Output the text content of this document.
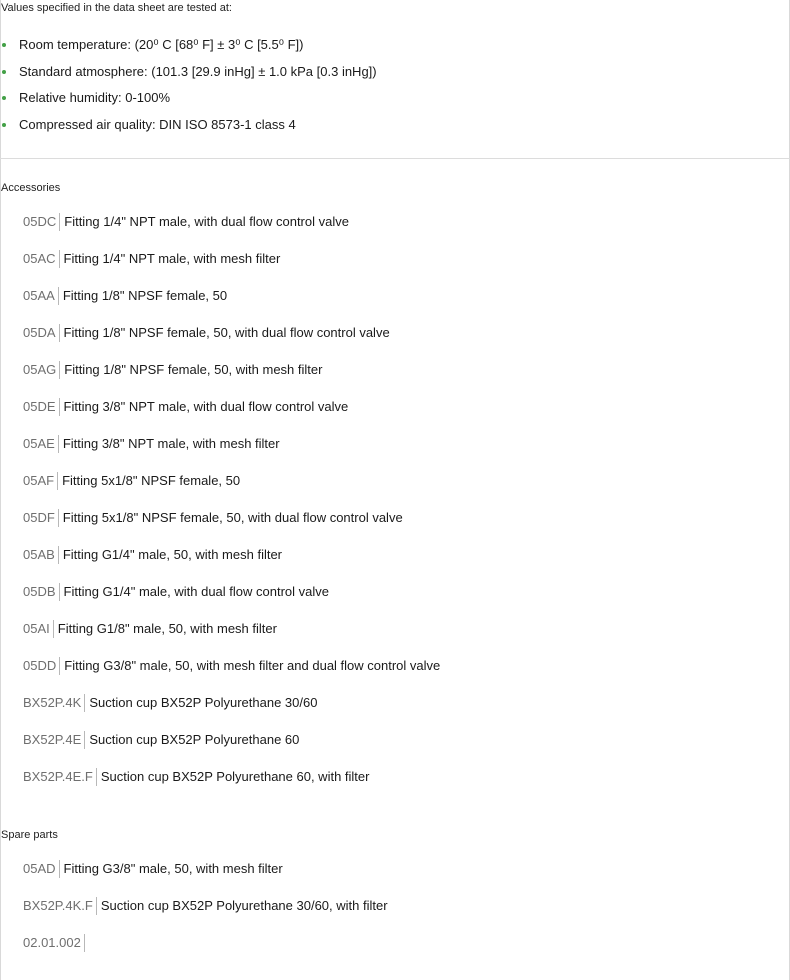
Values specified in the data sheet are tested at:
Room temperature: (20⁰ C [68⁰ F] ± 3⁰ C [5.5⁰ F])
Standard atmosphere: (101.3 [29.9 inHg] ± 1.0 kPa [0.3 inHg])
Relative humidity: 0-100%
Compressed air quality: DIN ISO 8573-1 class 4
Accessories
05DC Fitting 1/4" NPT male, with dual flow control valve
05AC Fitting 1/4" NPT male, with mesh filter
05AA Fitting 1/8" NPSF female, 50
05DA Fitting 1/8" NPSF female, 50, with dual flow control valve
05AG Fitting 1/8" NPSF female, 50, with mesh filter
05DE Fitting 3/8" NPT male, with dual flow control valve
05AE Fitting 3/8" NPT male, with mesh filter
05AF Fitting 5x1/8" NPSF female, 50
05DF Fitting 5x1/8" NPSF female, 50, with dual flow control valve
05AB Fitting G1/4" male, 50, with mesh filter
05DB Fitting G1/4" male, with dual flow control valve
05AI Fitting G1/8" male, 50, with mesh filter
05DD Fitting G3/8" male, 50, with mesh filter and dual flow control valve
BX52P.4K Suction cup BX52P Polyurethane 30/60
BX52P.4E Suction cup BX52P Polyurethane 60
BX52P.4E.F Suction cup BX52P Polyurethane 60, with filter
Spare parts
05AD Fitting G3/8" male, 50, with mesh filter
BX52P.4K.F Suction cup BX52P Polyurethane 30/60, with filter
02.01.002
